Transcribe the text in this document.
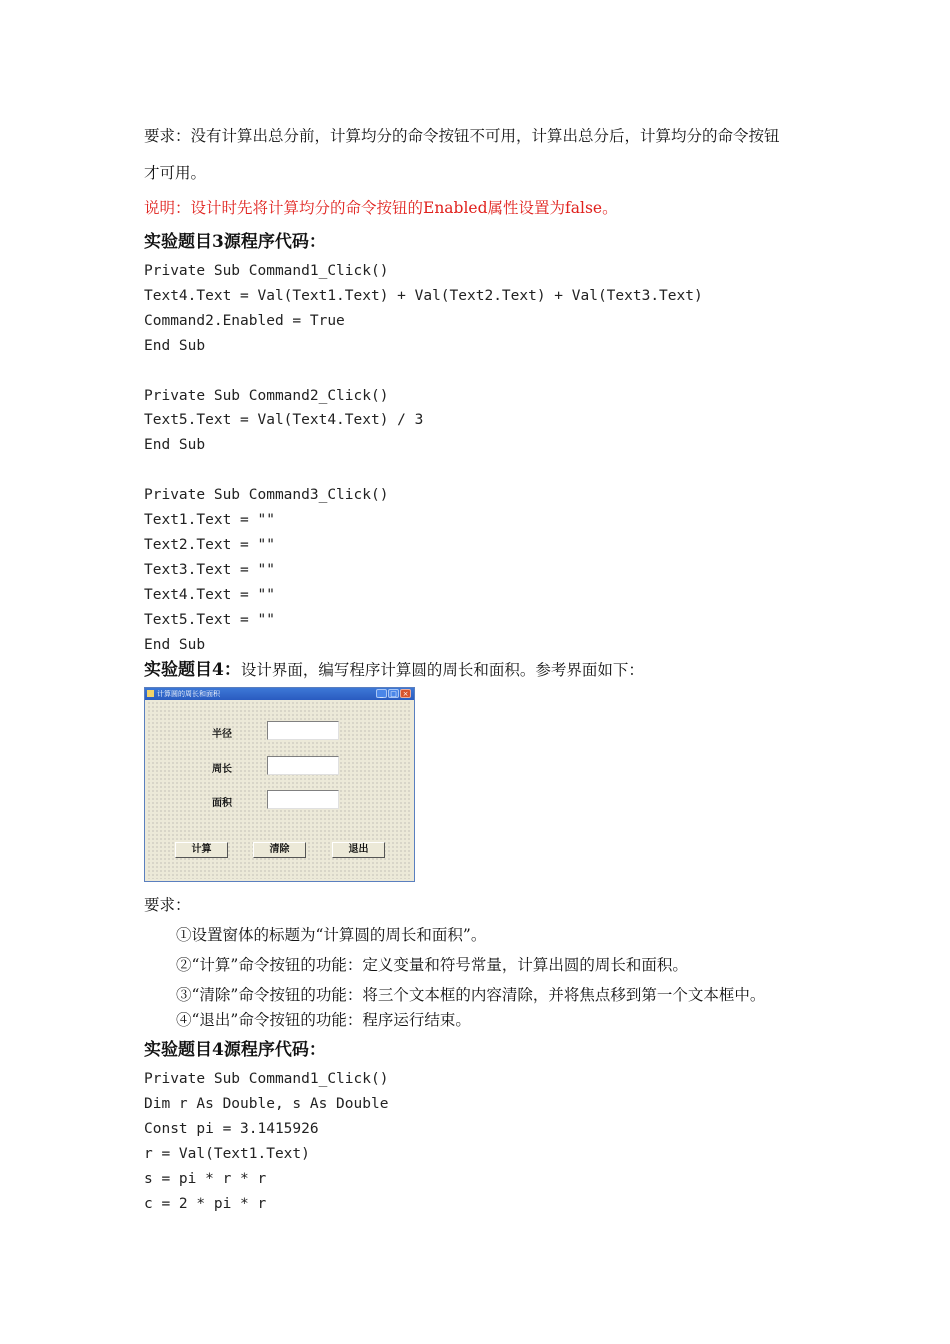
要求：没有计算出总分前，计算均分的命令按钮不可用，计算出总分后，计算均分的命令按钮
才可用。
说明：设计时先将计算均分的命令按钮的Enabled属性设置为false。
实验题目3源程序代码：
Private Sub Command1_Click()
Text4.Text = Val(Text1.Text) + Val(Text2.Text) + Val(Text3.Text)
Command2.Enabled = True
End Sub

Private Sub Command2_Click()
Text5.Text = Val(Text4.Text) / 3
End Sub

Private Sub Command3_Click()
Text1.Text = ""
Text2.Text = ""
Text3.Text = ""
Text4.Text = ""
Text5.Text = ""
End Sub
实验题目4：设计界面，编写程序计算圆的周长和面积。参考界面如下：
计算圆的周长和面积	_ □ ×
半径
周长
面积
计算	清除	退出
要求：
①设置窗体的标题为“计算圆的周长和面积”。
②“计算”命令按钮的功能：定义变量和符号常量，计算出圆的周长和面积。
③“清除”命令按钮的功能：将三个文本框的内容清除，并将焦点移到第一个文本框中。
④“退出”命令按钮的功能：程序运行结束。
实验题目4源程序代码：
Private Sub Command1_Click()
Dim r As Double, s As Double
Const pi = 3.1415926
r = Val(Text1.Text)
s = pi * r * r
c = 2 * pi * r
